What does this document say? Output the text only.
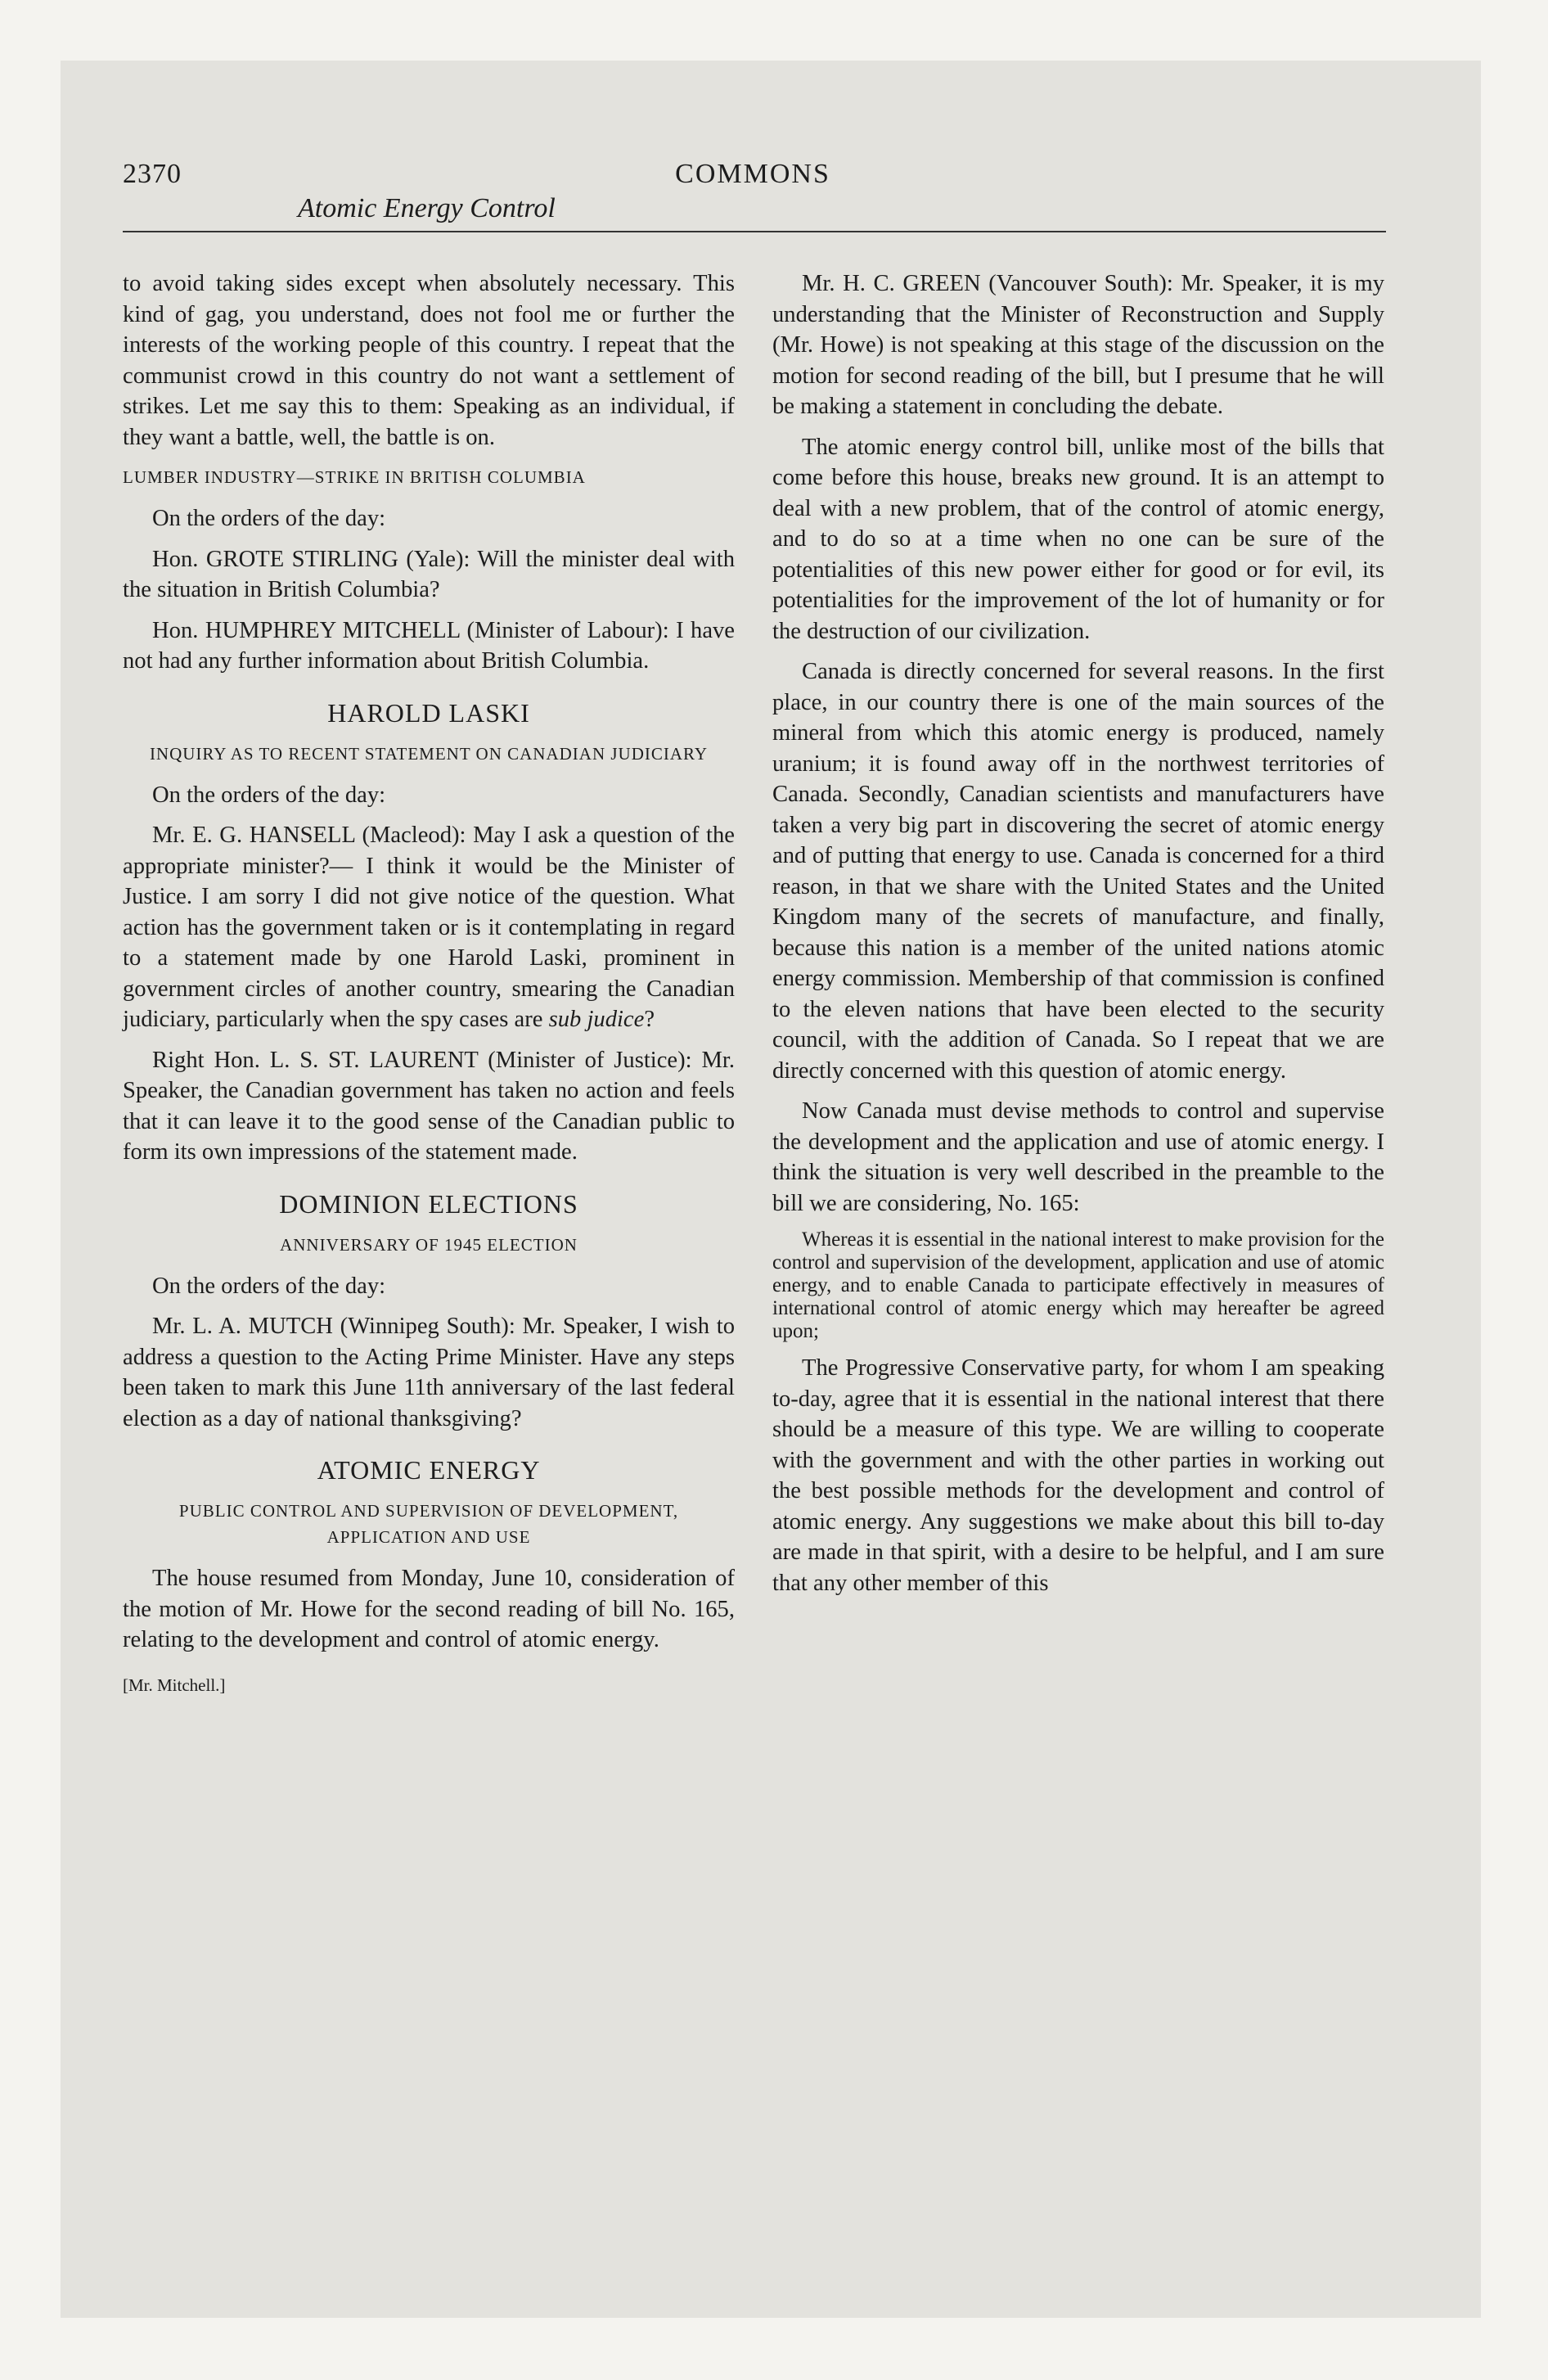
2370	COMMONS
Atomic Energy Control

to avoid taking sides except when absolutely necessary. This kind of gag, you understand, does not fool me or further the interests of the working people of this country. I repeat that the communist crowd in this country do not want a settlement of strikes. Let me say this to them: Speaking as an individual, if they want a battle, well, the battle is on.

LUMBER INDUSTRY—STRIKE IN BRITISH COLUMBIA

On the orders of the day:

Hon. GROTE STIRLING (Yale): Will the minister deal with the situation in British Columbia?

Hon. HUMPHREY MITCHELL (Minister of Labour): I have not had any further information about British Columbia.

HAROLD LASKI
INQUIRY AS TO RECENT STATEMENT ON CANADIAN JUDICIARY

On the orders of the day:

Mr. E. G. HANSELL (Macleod): May I ask a question of the appropriate minister?— I think it would be the Minister of Justice. I am sorry I did not give notice of the question. What action has the government taken or is it contemplating in regard to a statement made by one Harold Laski, prominent in government circles of another country, smearing the Canadian judiciary, particularly when the spy cases are sub judice?

Right Hon. L. S. ST. LAURENT (Minister of Justice): Mr. Speaker, the Canadian government has taken no action and feels that it can leave it to the good sense of the Canadian public to form its own impressions of the statement made.

DOMINION ELECTIONS
ANNIVERSARY OF 1945 ELECTION

On the orders of the day:

Mr. L. A. MUTCH (Winnipeg South): Mr. Speaker, I wish to address a question to the Acting Prime Minister. Have any steps been taken to mark this June 11th anniversary of the last federal election as a day of national thanksgiving?

ATOMIC ENERGY
PUBLIC CONTROL AND SUPERVISION OF DEVELOPMENT, APPLICATION AND USE

The house resumed from Monday, June 10, consideration of the motion of Mr. Howe for the second reading of bill No. 165, relating to the development and control of atomic energy.

[Mr. Mitchell.]

Mr. H. C. GREEN (Vancouver South): Mr. Speaker, it is my understanding that the Minister of Reconstruction and Supply (Mr. Howe) is not speaking at this stage of the discussion on the motion for second reading of the bill, but I presume that he will be making a statement in concluding the debate.

The atomic energy control bill, unlike most of the bills that come before this house, breaks new ground. It is an attempt to deal with a new problem, that of the control of atomic energy, and to do so at a time when no one can be sure of the potentialities of this new power either for good or for evil, its potentialities for the improvement of the lot of humanity or for the destruction of our civilization.

Canada is directly concerned for several reasons. In the first place, in our country there is one of the main sources of the mineral from which this atomic energy is produced, namely uranium; it is found away off in the northwest territories of Canada. Secondly, Canadian scientists and manufacturers have taken a very big part in discovering the secret of atomic energy and of putting that energy to use. Canada is concerned for a third reason, in that we share with the United States and the United Kingdom many of the secrets of manufacture, and finally, because this nation is a member of the united nations atomic energy commission. Membership of that commission is confined to the eleven nations that have been elected to the security council, with the addition of Canada. So I repeat that we are directly concerned with this question of atomic energy.

Now Canada must devise methods to control and supervise the development and the application and use of atomic energy. I think the situation is very well described in the preamble to the bill we are considering, No. 165:

Whereas it is essential in the national interest to make provision for the control and supervision of the development, application and use of atomic energy, and to enable Canada to participate effectively in measures of international control of atomic energy which may hereafter be agreed upon;

The Progressive Conservative party, for whom I am speaking to-day, agree that it is essential in the national interest that there should be a measure of this type. We are willing to cooperate with the government and with the other parties in working out the best possible methods for the development and control of atomic energy. Any suggestions we make about this bill to-day are made in that spirit, with a desire to be helpful, and I am sure that any other member of this
